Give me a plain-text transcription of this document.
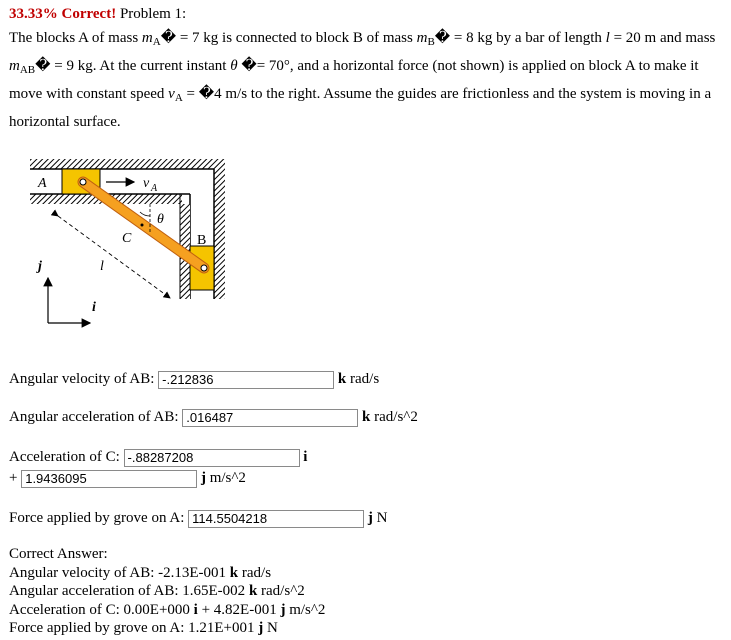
33.33% Correct! Problem 1:
The blocks A of mass $m_A� = 7$ kg is connected to block B of mass $m_B� = 8$ kg by a bar of length l = 20 m and mass $m_{AB}� = 9$ kg. At the current instant θ �= 70°, and a horizontal force (not shown) is applied on block A to make it move with constant speed $v_A$ = �4 m/s to the right. Assume the guides are frictionless and the system is moving in a horizontal surface.
A	v A
θ
C	B
l
j
i
Angular velocity of AB: -.212836	k rad/s
Angular acceleration of AB: .016487	k rad/s^2
Acceleration of C: -.88287208	i
+ 1.9436095	j m/s^2
Force applied by grove on A: 114.5504218	j N
Correct Answer:
Angular velocity of AB: -2.13E-001 k rad/s
Angular acceleration of AB: 1.65E-002 k rad/s^2
Acceleration of C: 0.00E+000 i + 4.82E-001 j m/s^2
Force applied by grove on A: 1.21E+001 j N
